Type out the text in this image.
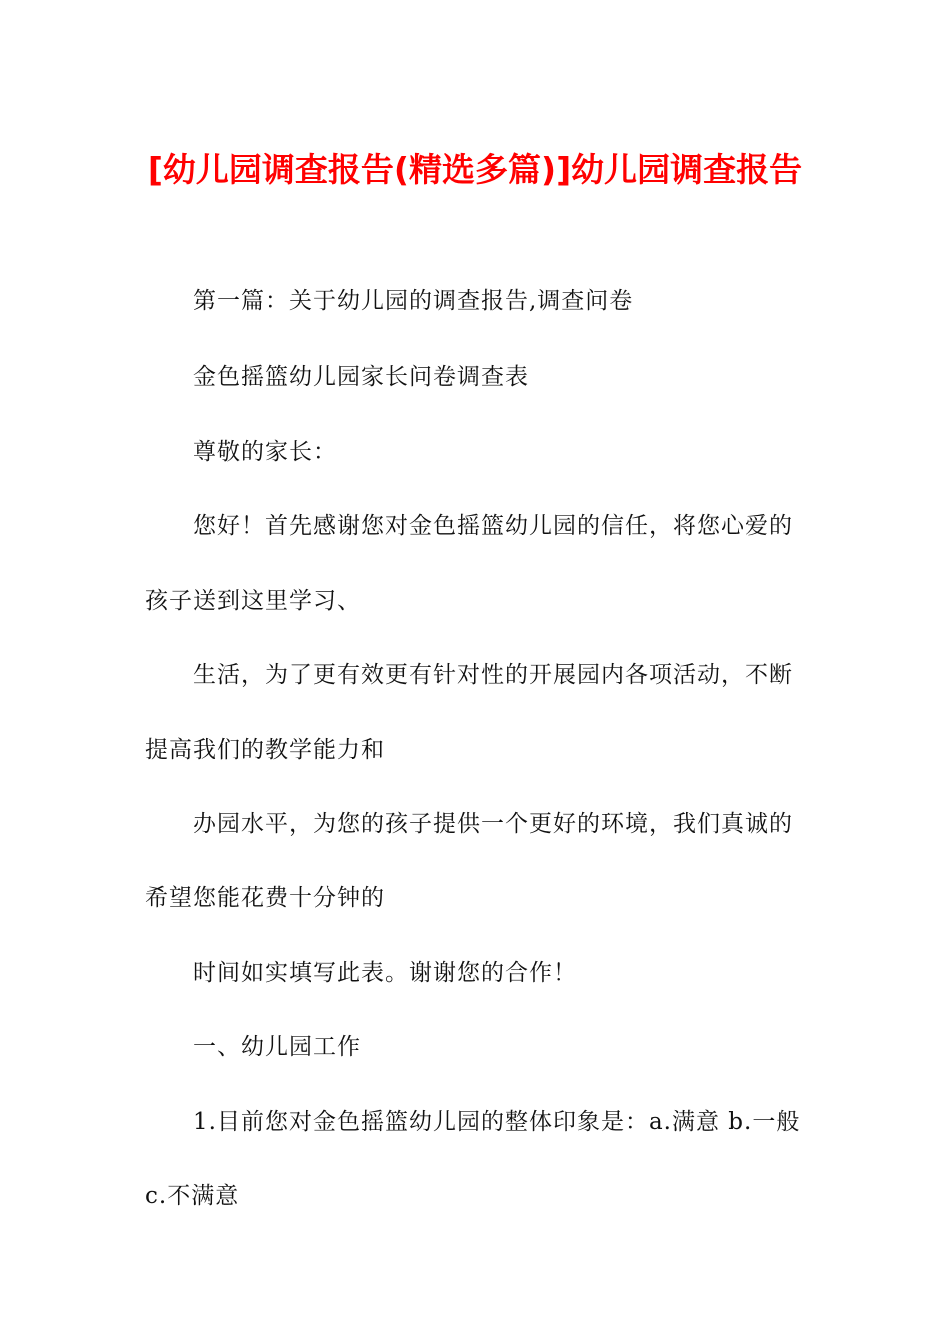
[幼儿园调查报告(精选多篇)]幼儿园调查报告
第一篇：关于幼儿园的调查报告,调查问卷
金色摇篮幼儿园家长问卷调查表
尊敬的家长：
您好！首先感谢您对金色摇篮幼儿园的信任，将您心爱的
孩子送到这里学习、
生活，为了更有效更有针对性的开展园内各项活动，不断
提高我们的教学能力和
办园水平，为您的孩子提供一个更好的环境，我们真诚的
希望您能花费十分钟的
时间如实填写此表。谢谢您的合作！
一、幼儿园工作
1.目前您对金色摇篮幼儿园的整体印象是：a.满意 b.一般
c.不满意
